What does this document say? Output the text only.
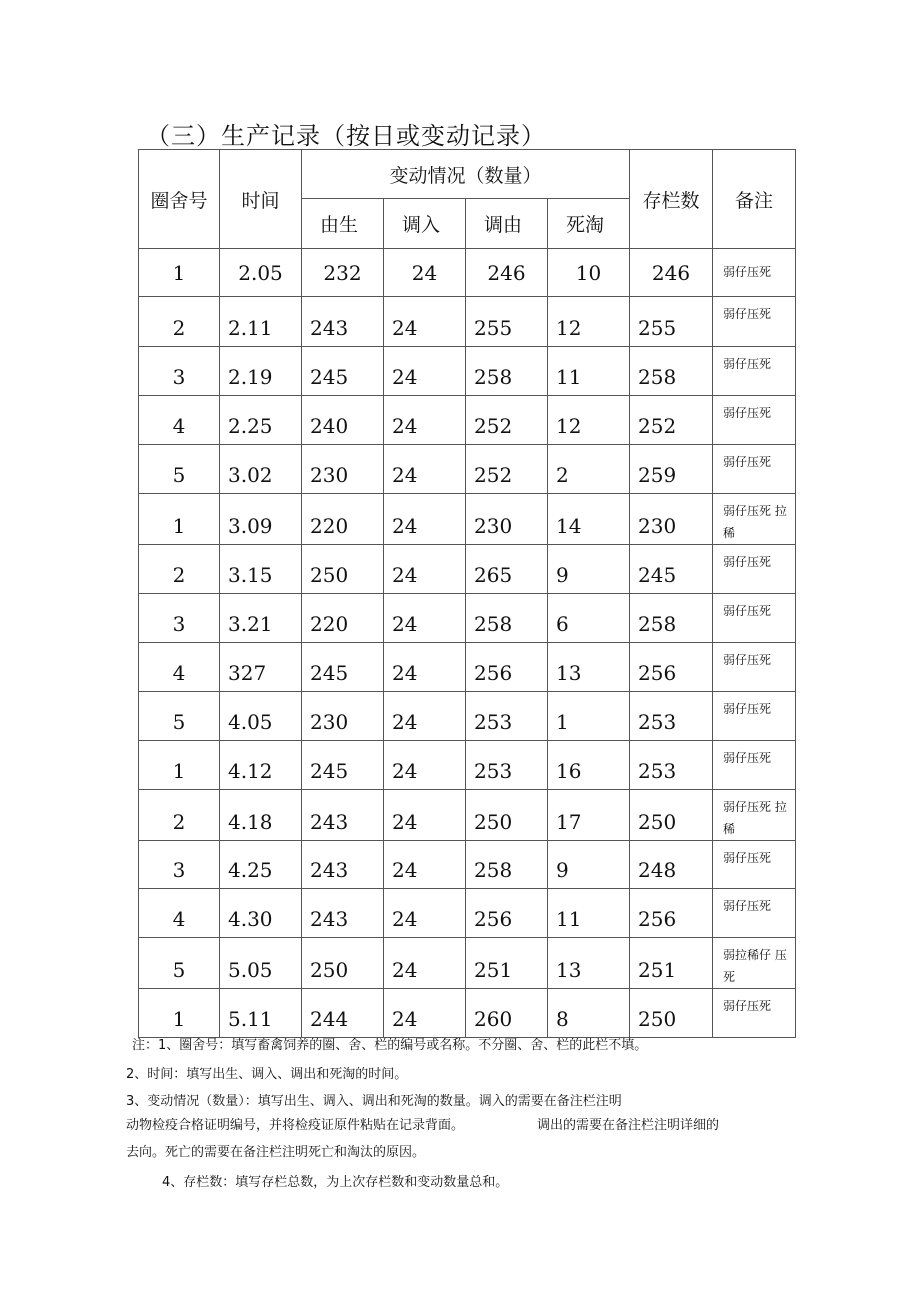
（三）生产记录（按日或变动记录）
圈舍号	时间	变动情况（数量）				存栏数	备注
		由生	调入	调由	死淘		
1	2.05	232	24	246	10	246	弱仔压死
2	2.11	243	24	255	12	255	弱仔压死
3	2.19	245	24	258	11	258	弱仔压死
4	2.25	240	24	252	12	252	弱仔压死
5	3.02	230	24	252	2	259	弱仔压死
1	3.09	220	24	230	14	230	弱仔压死 拉稀
2	3.15	250	24	265	9	245	弱仔压死
3	3.21	220	24	258	6	258	弱仔压死
4	327	245	24	256	13	256	弱仔压死
5	4.05	230	24	253	1	253	弱仔压死
1	4.12	245	24	253	16	253	弱仔压死
2	4.18	243	24	250	17	250	弱仔压死 拉稀
3	4.25	243	24	258	9	248	弱仔压死
4	4.30	243	24	256	11	256	弱仔压死
5	5.05	250	24	251	13	251	弱拉稀仔 压死
1	5.11	244	24	260	8	250	弱仔压死
注：1、圈舍号：填写畜禽饲养的圈、舍、栏的编号或名称。不分圈、舍、栏的此栏不填。
2、时间：填写出生、调入、调出和死淘的时间。
3、变动情况（数量）：填写出生、调入、调出和死淘的数量。调入的需要在备注栏注明
动物检疫合格证明编号，并将检疫证原件粘贴在记录背面。	调出的需要在备注栏注明详细的
去向。死亡的需要在备注栏注明死亡和淘汰的原因。
4、存栏数：填写存栏总数，为上次存栏数和变动数量总和。
